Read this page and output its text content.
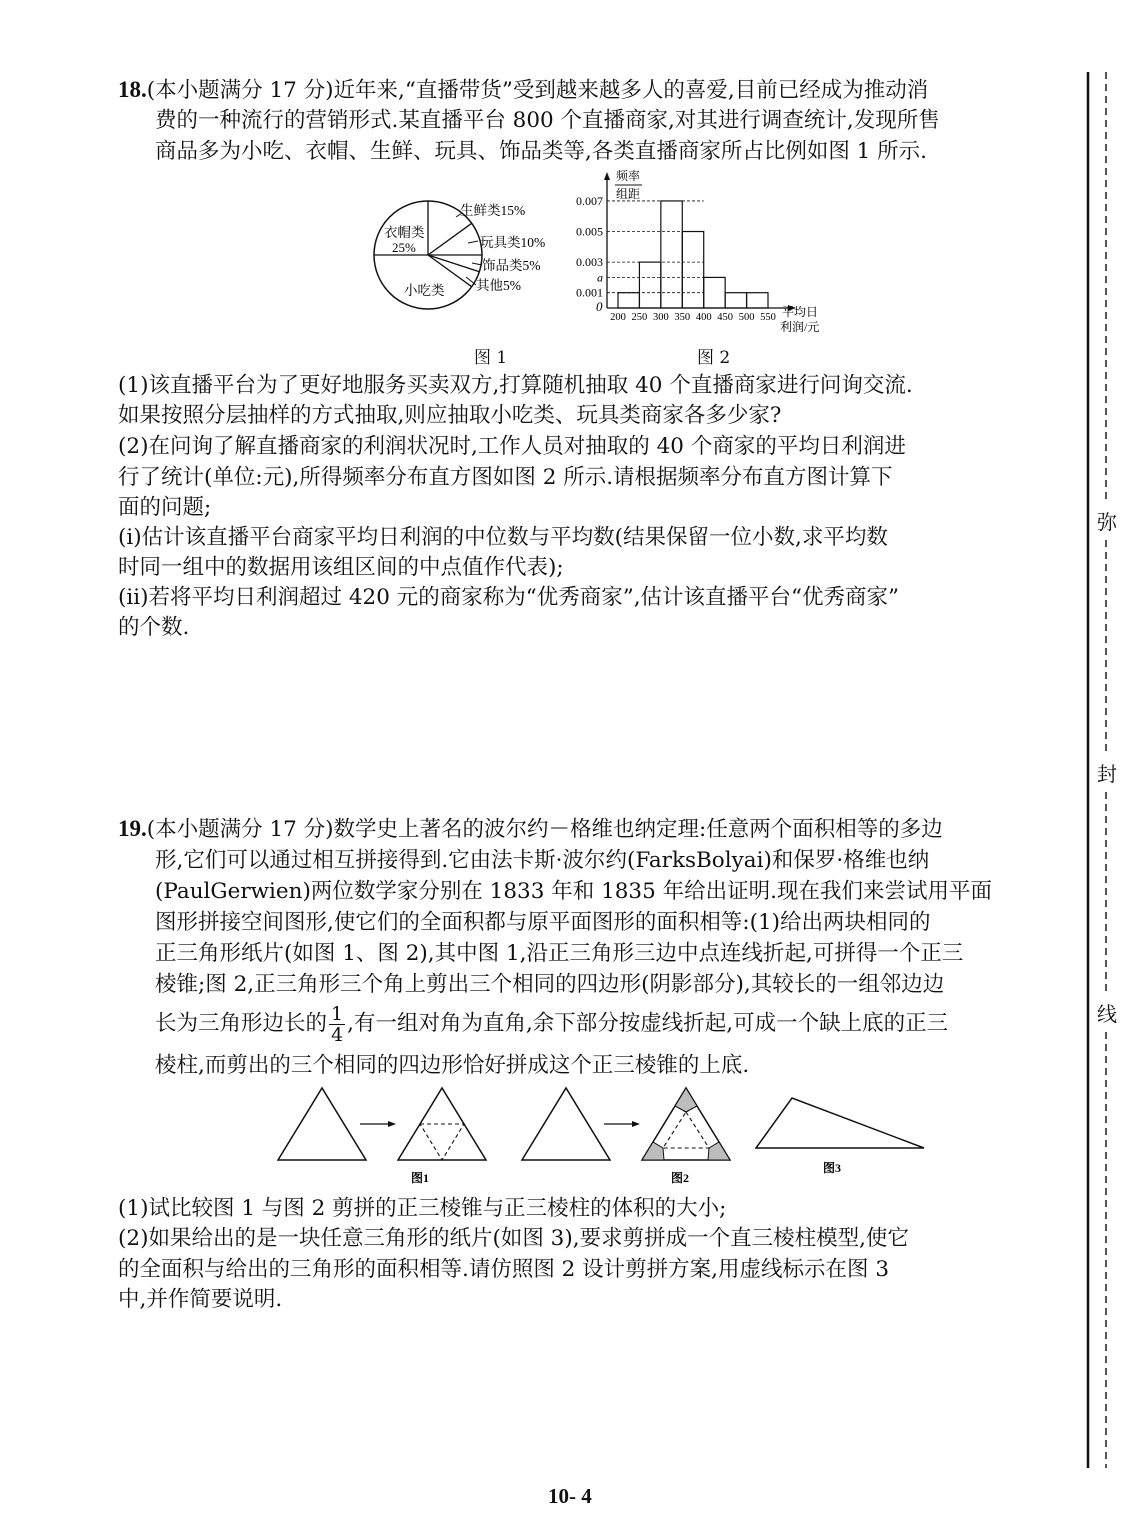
18.(本小题满分 17 分)近年来,“直播带货”受到越来越多人的喜爱,目前已经成为推动消
费的一种流行的营销形式.某直播平台 800 个直播商家,对其进行调查统计,发现所售
商品多为小吃、衣帽、生鲜、玩具、饰品类等,各类直播商家所占比例如图 1 所示.
生鲜类15%
玩具类10%
饰品类5%
其他5%
小吃类
衣帽类
25%
0.001
a
0.003
0.005
0.007
200 250 300 350 400 450 500 550
频率
组距
0	平均日
利润/元
图 1	图 2
(1)该直播平台为了更好地服务买卖双方,打算随机抽取 40 个直播商家进行问询交流.
如果按照分层抽样的方式抽取,则应抽取小吃类、玩具类商家各多少家?
(2)在问询了解直播商家的利润状况时,工作人员对抽取的 40 个商家的平均日利润进
行了统计(单位:元),所得频率分布直方图如图 2 所示.请根据频率分布直方图计算下
面的问题;
(ⅰ)估计该直播平台商家平均日利润的中位数与平均数(结果保留一位小数,求平均数
时同一组中的数据用该组区间的中点值作代表);
(ⅱ)若将平均日利润超过 420 元的商家称为“优秀商家”,估计该直播平台“优秀商家”
的个数.
19.(本小题满分 17 分)数学史上著名的波尔约－格维也纳定理:任意两个面积相等的多边
形,它们可以通过相互拼接得到.它由法卡斯·波尔约(FarksBolyai)和保罗·格维也纳
(PaulGerwien)两位数学家分别在 1833 年和 1835 年给出证明.现在我们来尝试用平面
图形拼接空间图形,使它们的全面积都与原平面图形的面积相等:(1)给出两块相同的
正三角形纸片(如图 1、图 2),其中图 1,沿正三角形三边中点连线折起,可拼得一个正三
棱锥;图 2,正三角形三个角上剪出三个相同的四边形(阴影部分),其较长的一组邻边边
长为三角形边长的 $\frac{1}{4}$ ,有一组对角为直角,余下部分按虚线折起,可成一个缺上底的正三
棱柱,而剪出的三个相同的四边形恰好拼成这个正三棱锥的上底.
图1	图2
图3
(1)试比较图 1 与图 2 剪拼的正三棱锥与正三棱柱的体积的大小;
(2)如果给出的是一块任意三角形的纸片(如图 3),要求剪拼成一个直三棱柱模型,使它
的全面积与给出的三角形的面积相等.请仿照图 2 设计剪拼方案,用虚线标示在图 3
中,并作简要说明.
弥
封
线
10- 4
